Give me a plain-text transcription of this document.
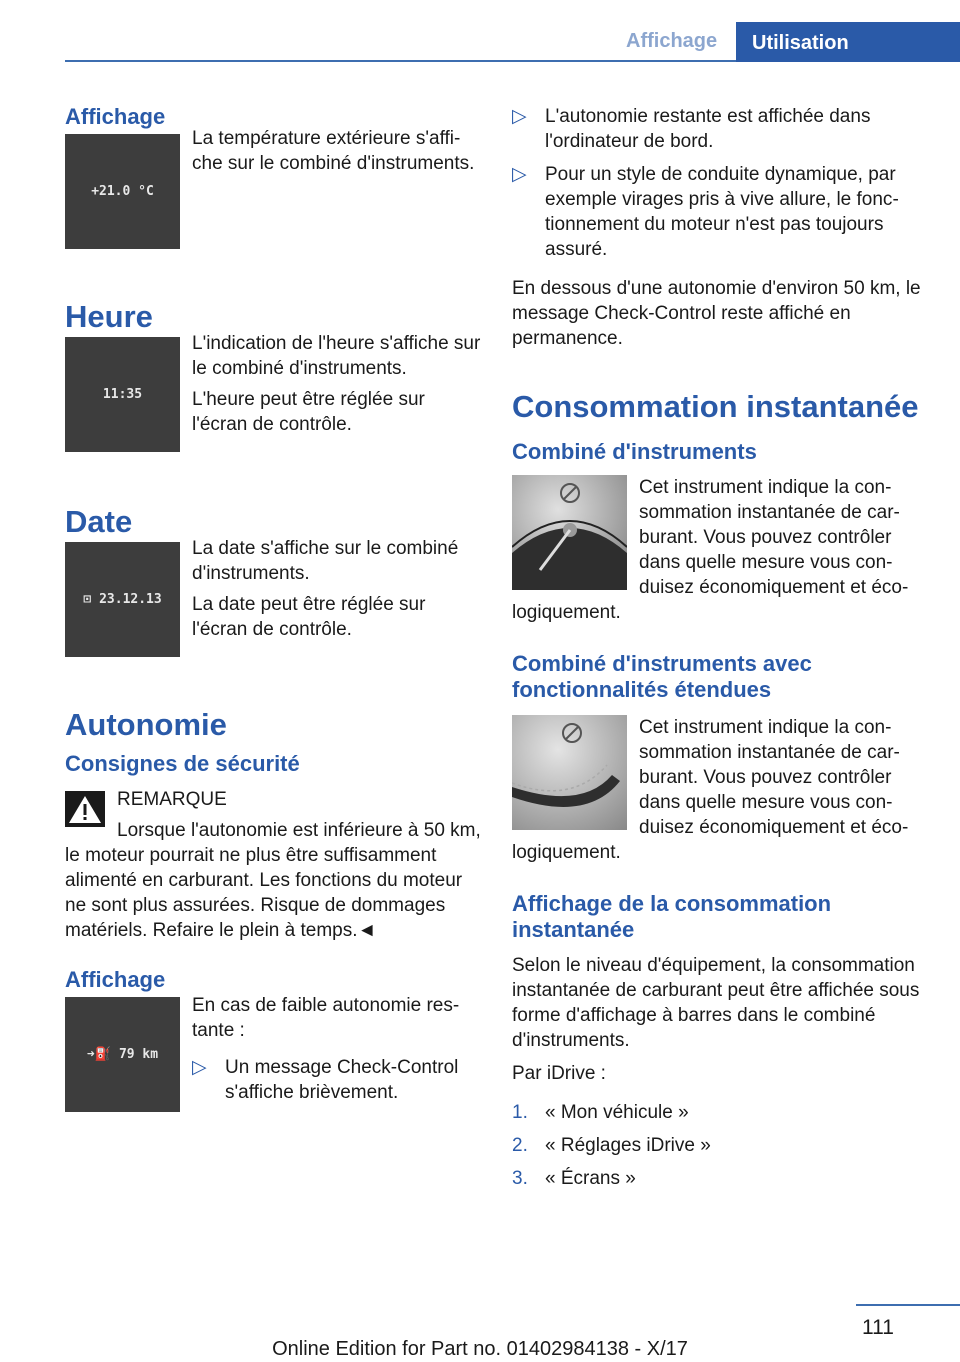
Affichage	Utilisation
Affichage
+21.0 °C

La température extérieure s'affiche sur le combiné d'instruments.

Heure
11:35

L'indication de l'heure s'affiche sur le combiné d'instruments.

L'heure peut être réglée sur l'écran de contrôle.

Date
⊡ 23.12.13

La date s'affiche sur le combiné d'instruments.

La date peut être réglée sur l'écran de contrôle.

Autonomie
Consignes de sécurité

REMARQUE

Lorsque l'autonomie est inférieure à 50 km, le moteur pourrait ne plus être suffisamment alimenté en carburant. Les fonctions du moteur ne sont plus assurées. Risque de dommages matériels. Refaire le plein à temps.◄

Affichage
➜⛽ 79 km

En cas de faible autonomie restante :

▷ Un message Check-Control s'affiche brièvement.
▷ L'autonomie restante est affichée dans l'ordinateur de bord.
▷ Pour un style de conduite dynamique, par exemple virages pris à vive allure, le fonctionnement du moteur n'est pas toujours assuré.

En dessous d'une autonomie d'environ 50 km, le message Check-Control reste affiché en permanence.

Consommation instantanée
Combiné d'instruments

Cet instrument indique la consommation instantanée de carburant. Vous pouvez contrôler dans quelle mesure vous conduisez économiquement et écologiquement.

Combiné d'instruments avec fonctionnalités étendues

Cet instrument indique la consommation instantanée de carburant. Vous pouvez contrôler dans quelle mesure vous conduisez économiquement et écologiquement.

Affichage de la consommation instantanée

Selon le niveau d'équipement, la consommation instantanée de carburant peut être affichée sous forme d'affichage à barres dans le combiné d'instruments.

Par iDrive :

1. « Mon véhicule »
2. « Réglages iDrive »
3. « Écrans »
111
Online Edition for Part no. 01402984138 - X/17
